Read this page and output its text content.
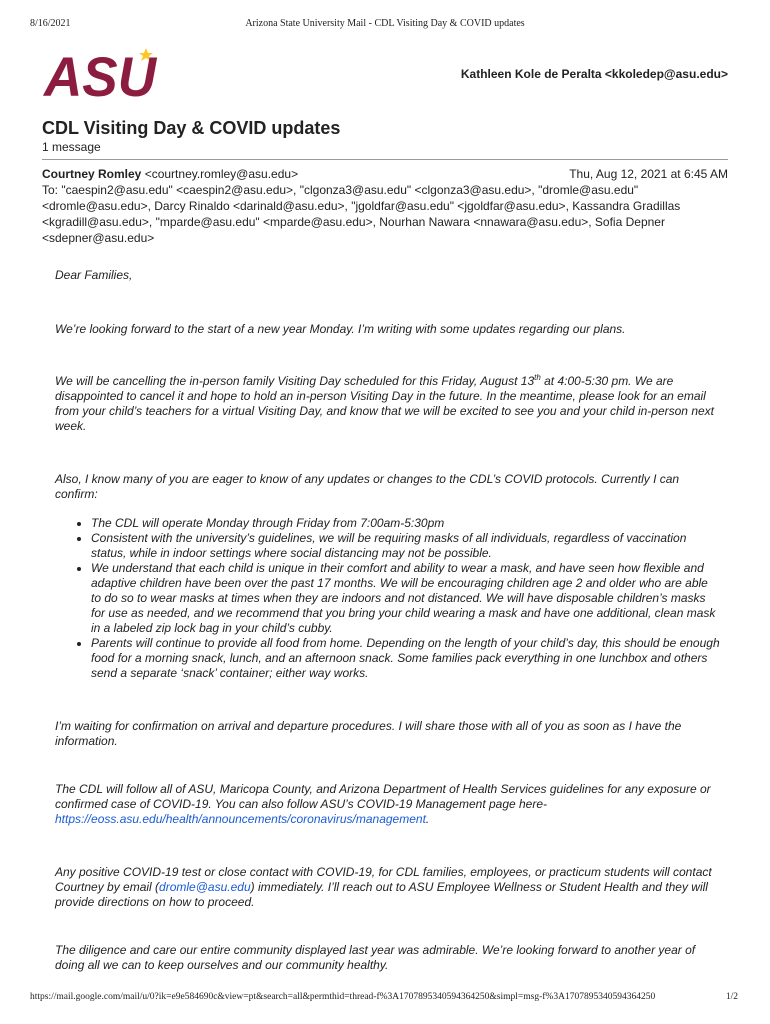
8/16/2021	Arizona State University Mail - CDL Visiting Day & COVID updates
ASU	Kathleen Kole de Peralta <kkoledep@asu.edu>
CDL Visiting Day & COVID updates
1 message
Courtney Romley <courtney.romley@asu.edu>	Thu, Aug 12, 2021 at 6:45 AM
To: "caespin2@asu.edu" <caespin2@asu.edu>, "clgonza3@asu.edu" <clgonza3@asu.edu>, "dromle@asu.edu" <dromle@asu.edu>, Darcy Rinaldo <darinald@asu.edu>, "jgoldfar@asu.edu" <jgoldfar@asu.edu>, Kassandra Gradillas <kgradill@asu.edu>, "mparde@asu.edu" <mparde@asu.edu>, Nourhan Nawara <nnawara@asu.edu>, Sofia Depner <sdepner@asu.edu>

Dear Families,

We’re looking forward to the start of a new year Monday. I’m writing with some updates regarding our plans.

We will be cancelling the in-person family Visiting Day scheduled for this Friday, August 13th at 4:00-5:30 pm. We are disappointed to cancel it and hope to hold an in-person Visiting Day in the future. In the meantime, please look for an email from your child’s teachers for a virtual Visiting Day, and know that we will be excited to see you and your child in-person next week.

Also, I know many of you are eager to know of any updates or changes to the CDL’s COVID protocols. Currently I can confirm:

• The CDL will operate Monday through Friday from 7:00am-5:30pm
• Consistent with the university’s guidelines, we will be requiring masks of all individuals, regardless of vaccination status, while in indoor settings where social distancing may not be possible.
• We understand that each child is unique in their comfort and ability to wear a mask, and have seen how flexible and adaptive children have been over the past 17 months. We will be encouraging children age 2 and older who are able to do so to wear masks at times when they are indoors and not distanced. We will have disposable children’s masks for use as needed, and we recommend that you bring your child wearing a mask and have one additional, clean mask in a labeled zip lock bag in your child’s cubby.
• Parents will continue to provide all food from home. Depending on the length of your child’s day, this should be enough food for a morning snack, lunch, and an afternoon snack. Some families pack everything in one lunchbox and others send a separate ‘snack’ container; either way works.

I’m waiting for confirmation on arrival and departure procedures. I will share those with all of you as soon as I have the information.

The CDL will follow all of ASU, Maricopa County, and Arizona Department of Health Services guidelines for any exposure or confirmed case of COVID-19. You can also follow ASU’s COVID-19 Management page here- https://eoss.asu.edu/health/announcements/coronavirus/management.

Any positive COVID-19 test or close contact with COVID-19, for CDL families, employees, or practicum students will contact Courtney by email (dromle@asu.edu) immediately. I’ll reach out to ASU Employee Wellness or Student Health and they will provide directions on how to proceed.

The diligence and care our entire community displayed last year was admirable. We’re looking forward to another year of doing all we can to keep ourselves and our community healthy.

https://mail.google.com/mail/u/0?ik=e9e584690c&view=pt&search=all&permthid=thread-f%3A1707895340594364250&simpl=msg-f%3A1707895340594364250	1/2
